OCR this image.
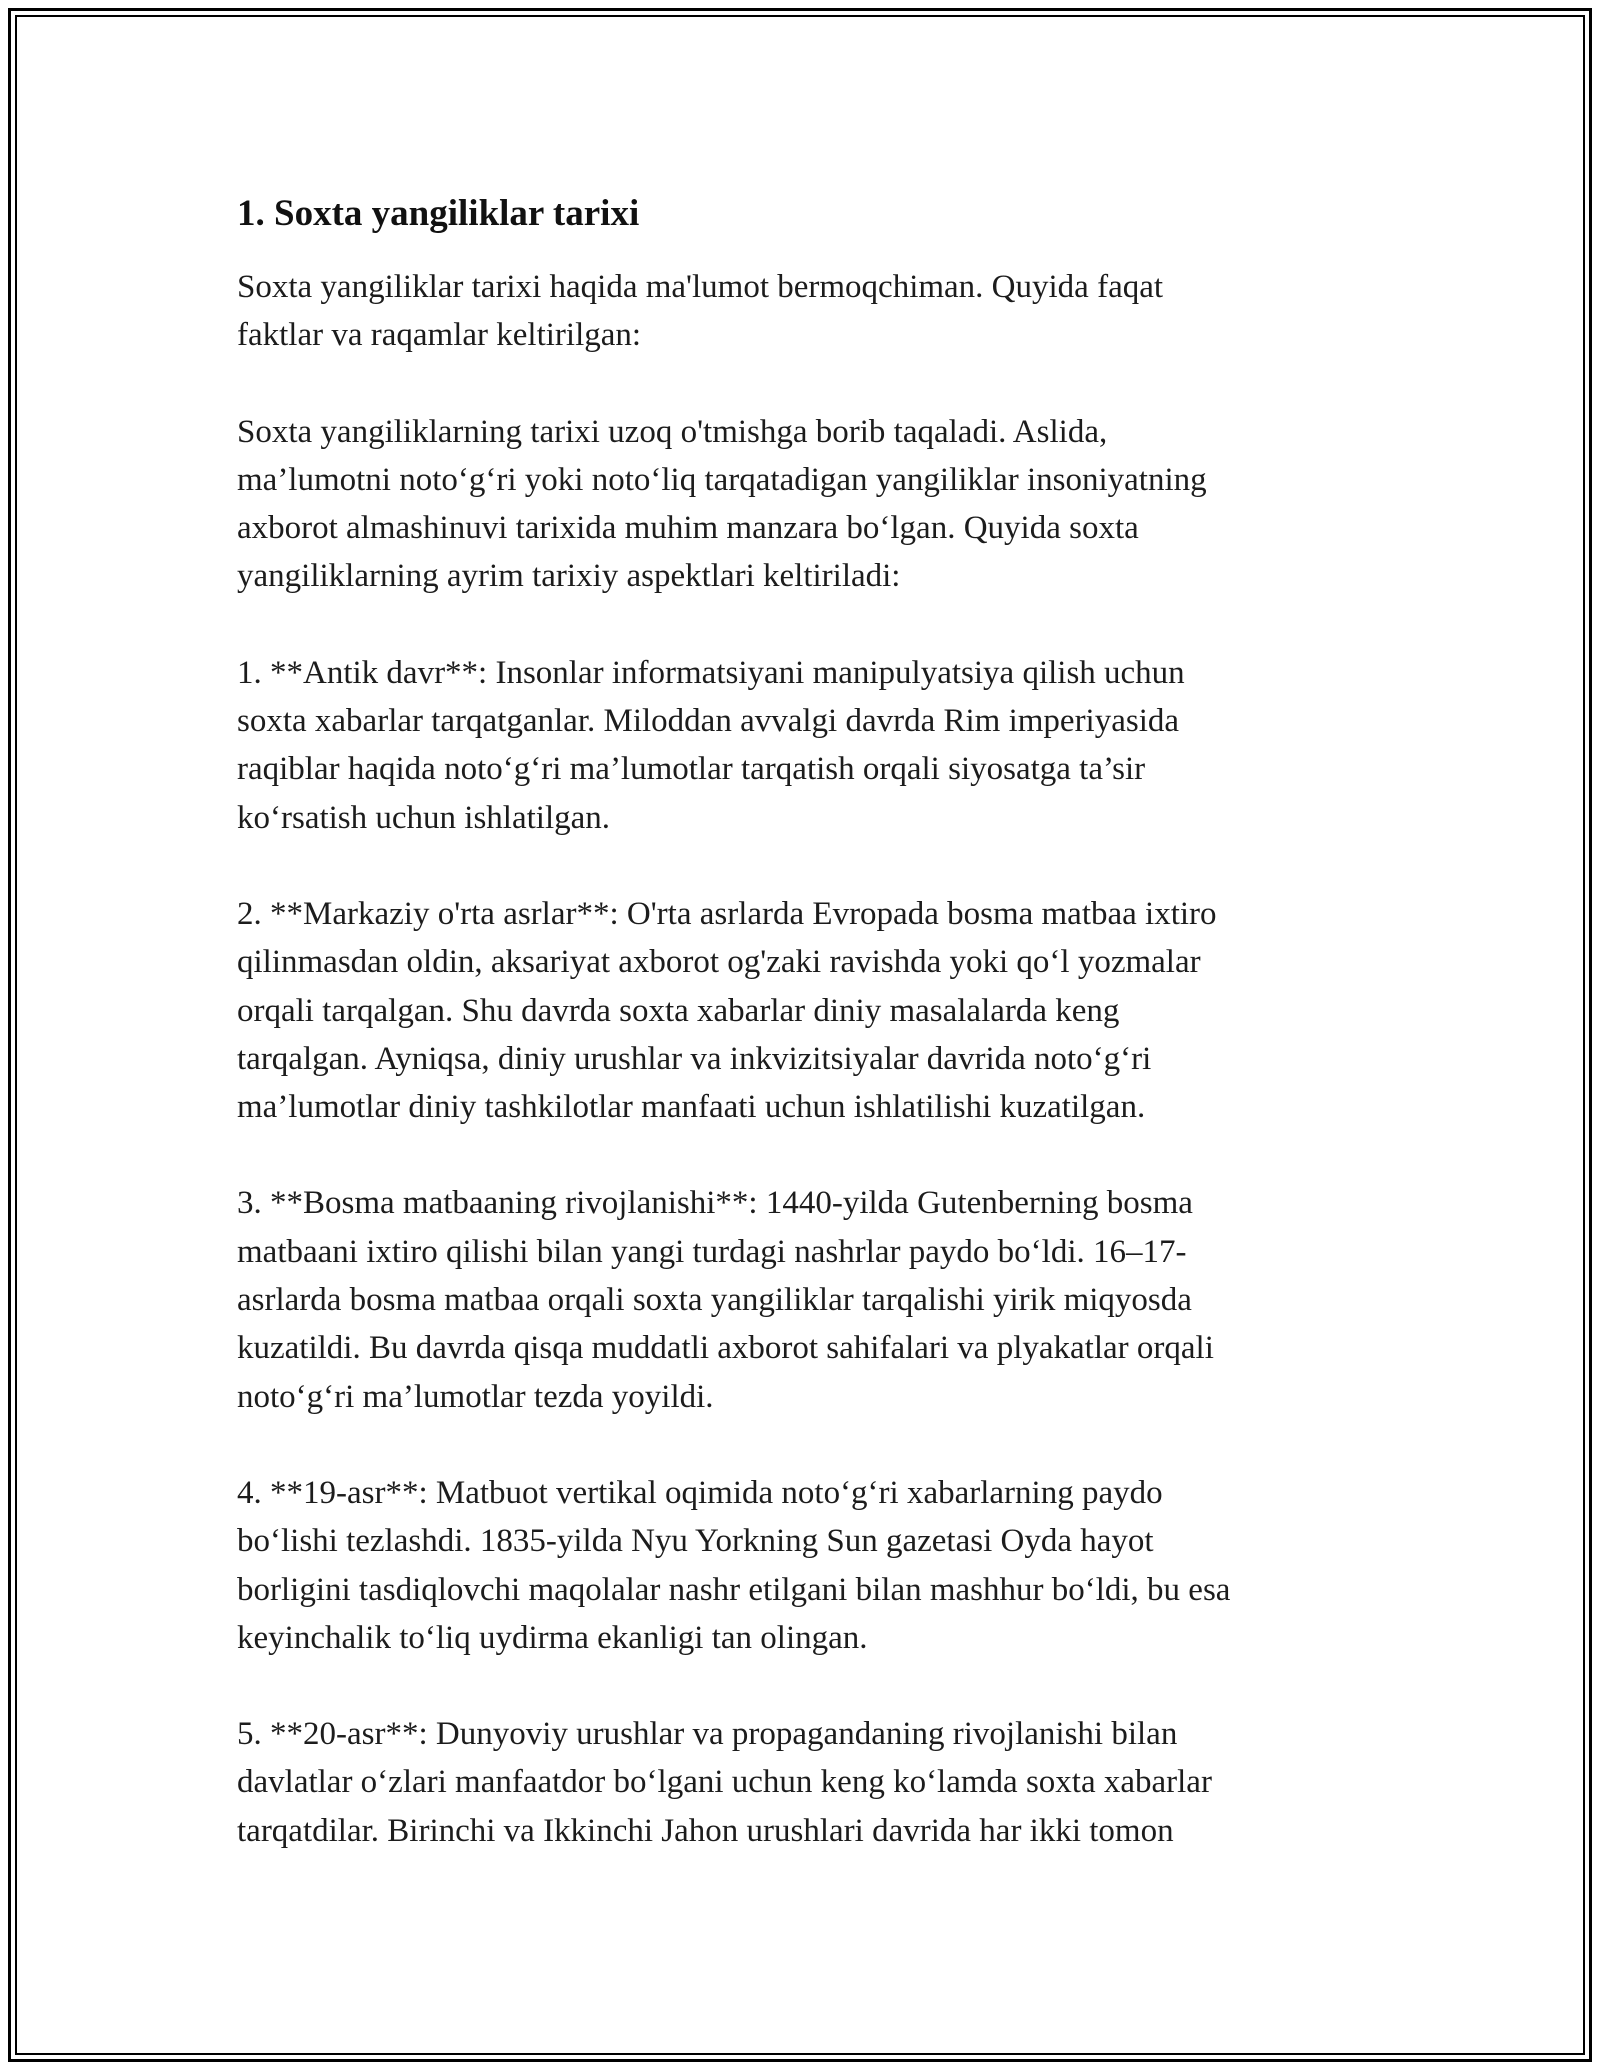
1. Soxta yangiliklar tarixi

Soxta yangiliklar tarixi haqida ma'lumot bermoqchiman. Quyida faqat
faktlar va raqamlar keltirilgan:

Soxta yangiliklarning tarixi uzoq o'tmishga borib taqaladi. Aslida,
ma’lumotni noto‘g‘ri yoki noto‘liq tarqatadigan yangiliklar insoniyatning
axborot almashinuvi tarixida muhim manzara bo‘lgan. Quyida soxta
yangiliklarning ayrim tarixiy aspektlari keltiriladi:

1. **Antik davr**: Insonlar informatsiyani manipulyatsiya qilish uchun
soxta xabarlar tarqatganlar. Miloddan avvalgi davrda Rim imperiyasida
raqiblar haqida noto‘g‘ri ma’lumotlar tarqatish orqali siyosatga ta’sir
ko‘rsatish uchun ishlatilgan.

2. **Markaziy o'rta asrlar**: O'rta asrlarda Evropada bosma matbaa ixtiro
qilinmasdan oldin, aksariyat axborot og'zaki ravishda yoki qo‘l yozmalar
orqali tarqalgan. Shu davrda soxta xabarlar diniy masalalarda keng
tarqalgan. Ayniqsa, diniy urushlar va inkvizitsiyalar davrida noto‘g‘ri
ma’lumotlar diniy tashkilotlar manfaati uchun ishlatilishi kuzatilgan.

3. **Bosma matbaaning rivojlanishi**: 1440-yilda Gutenberning bosma
matbaani ixtiro qilishi bilan yangi turdagi nashrlar paydo bo‘ldi. 16–17-
asrlarda bosma matbaa orqali soxta yangiliklar tarqalishi yirik miqyosda
kuzatildi. Bu davrda qisqa muddatli axborot sahifalari va plyakatlar orqali
noto‘g‘ri ma’lumotlar tezda yoyildi.

4. **19-asr**: Matbuot vertikal oqimida noto‘g‘ri xabarlarning paydo
bo‘lishi tezlashdi. 1835-yilda Nyu Yorkning Sun gazetasi Oyda hayot
borligini tasdiqlovchi maqolalar nashr etilgani bilan mashhur bo‘ldi, bu esa
keyinchalik to‘liq uydirma ekanligi tan olingan.

5. **20-asr**: Dunyoviy urushlar va propagandaning rivojlanishi bilan
davlatlar o‘zlari manfaatdor bo‘lgani uchun keng ko‘lamda soxta xabarlar
tarqatdilar. Birinchi va Ikkinchi Jahon urushlari davrida har ikki tomon
